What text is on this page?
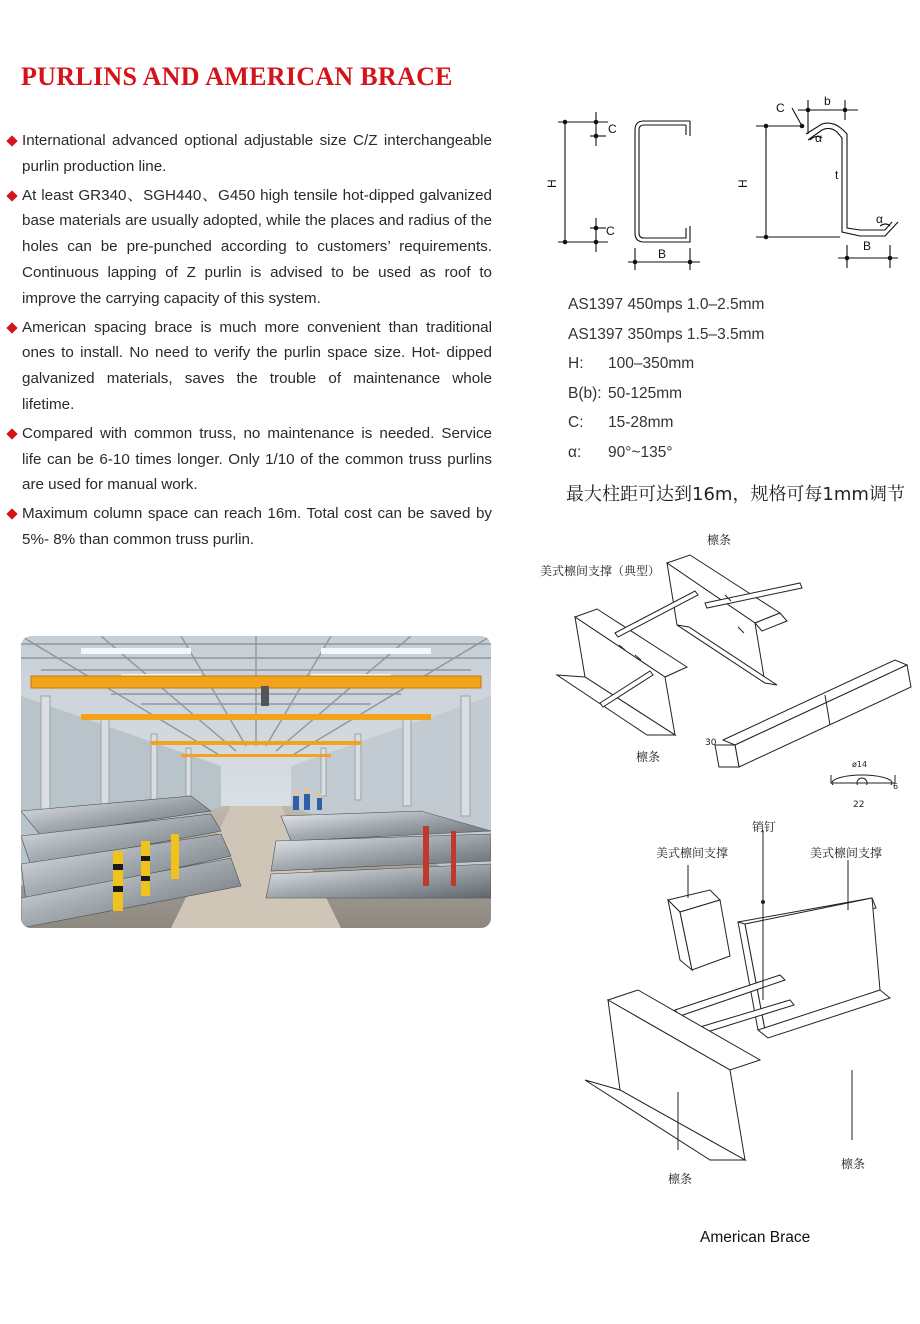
PURLINS AND AMERICAN BRACE
International advanced optional adjustable size C/Z interchangeable purlin production line.
At least GR340、SGH440、G450 high tensile hot-dipped galvanized base materials are usually adopted, while the places and radius of the holes can be pre-punched according to customers’ requirements. Continuous lapping of Z purlin is advised to be used as roof to improve the carrying capacity of this system.
American spacing brace is much more convenient than traditional ones to install. No need to verify the purlin space size. Hot- dipped galvanized materials, saves the trouble of maintenance whole lifetime.
Compared with common truss, no maintenance is needed. Service life can be 6-10 times longer. Only 1/10 of the common truss purlins are used for manual work.
Maximum column space can reach 16m. Total cost can be saved by 5%- 8% than common truss purlin.
C
C
H
B
H
C	b
α
t
α
B
AS1397 450mps 1.0–2.5mm
AS1397 350mps 1.5–3.5mm
H: 100–350mm
B(b): 50-125mm
C: 15-28mm
α: 90°~135°
最大柱距可达到16m，规格可每1mm调节
檩条
美式檩间支撑（典型）
檩条
30
22
ø14
6
销钉
美式檩间支撑	美式檩间支撑
檩条
檩条
American Brace
